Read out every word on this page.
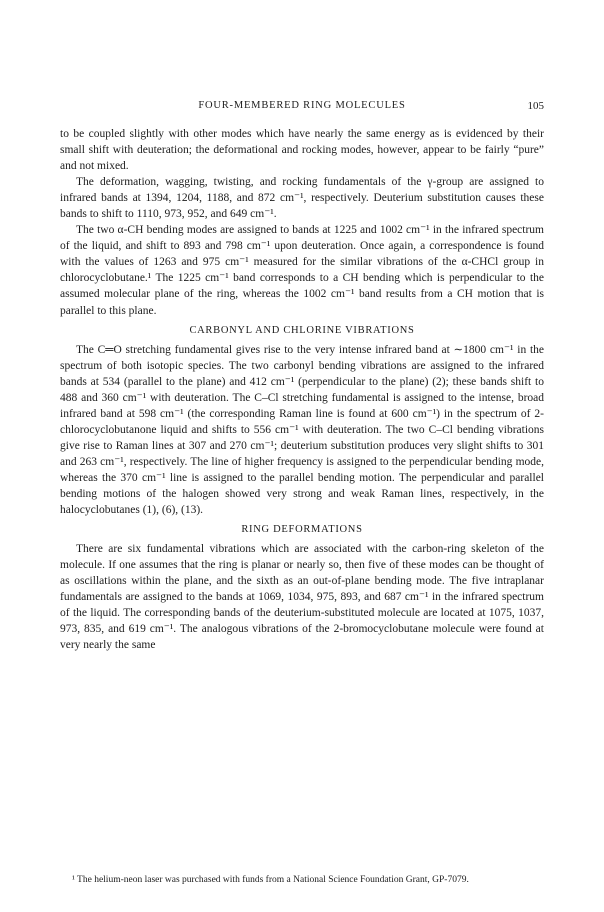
FOUR-MEMBERED RING MOLECULES	105

to be coupled slightly with other modes which have nearly the same energy as is evidenced by their small shift with deuteration; the deformational and rocking modes, however, appear to be fairly “pure” and not mixed.

The deformation, wagging, twisting, and rocking fundamentals of the γ-group are assigned to infrared bands at 1394, 1204, 1188, and 872 cm⁻¹, respectively. Deuterium substitution causes these bands to shift to 1110, 973, 952, and 649 cm⁻¹.

The two α-CH bending modes are assigned to bands at 1225 and 1002 cm⁻¹ in the infrared spectrum of the liquid, and shift to 893 and 798 cm⁻¹ upon deuteration. Once again, a correspondence is found with the values of 1263 and 975 cm⁻¹ measured for the similar vibrations of the α-CHCl group in chlorocyclobutane.¹ The 1225 cm⁻¹ band corresponds to a CH bending which is perpendicular to the assumed molecular plane of the ring, whereas the 1002 cm⁻¹ band results from a CH motion that is parallel to this plane.

CARBONYL AND CHLORINE VIBRATIONS

The C═O stretching fundamental gives rise to the very intense infrared band at ∼1800 cm⁻¹ in the spectrum of both isotopic species. The two carbonyl bending vibrations are assigned to the infrared bands at 534 (parallel to the plane) and 412 cm⁻¹ (perpendicular to the plane) (2); these bands shift to 488 and 360 cm⁻¹ with deuteration. The C–Cl stretching fundamental is assigned to the intense, broad infrared band at 598 cm⁻¹ (the corresponding Raman line is found at 600 cm⁻¹) in the spectrum of 2-chlorocyclobutanone liquid and shifts to 556 cm⁻¹ with deuteration. The two C–Cl bending vibrations give rise to Raman lines at 307 and 270 cm⁻¹; deuterium substitution produces very slight shifts to 301 and 263 cm⁻¹, respectively. The line of higher frequency is assigned to the perpendicular bending mode, whereas the 370 cm⁻¹ line is assigned to the parallel bending motion. The perpendicular and parallel bending motions of the halogen showed very strong and weak Raman lines, respectively, in the halocyclobutanes (1), (6), (13).

RING DEFORMATIONS

There are six fundamental vibrations which are associated with the carbon-ring skeleton of the molecule. If one assumes that the ring is planar or nearly so, then five of these modes can be thought of as oscillations within the plane, and the sixth as an out-of-plane bending mode. The five intraplanar fundamentals are assigned to the bands at 1069, 1034, 975, 893, and 687 cm⁻¹ in the infrared spectrum of the liquid. The corresponding bands of the deuterium-substituted molecule are located at 1075, 1037, 973, 835, and 619 cm⁻¹. The analogous vibrations of the 2-bromocyclobutane molecule were found at very nearly the same

¹ The helium-neon laser was purchased with funds from a National Science Foundation Grant, GP-7079.
